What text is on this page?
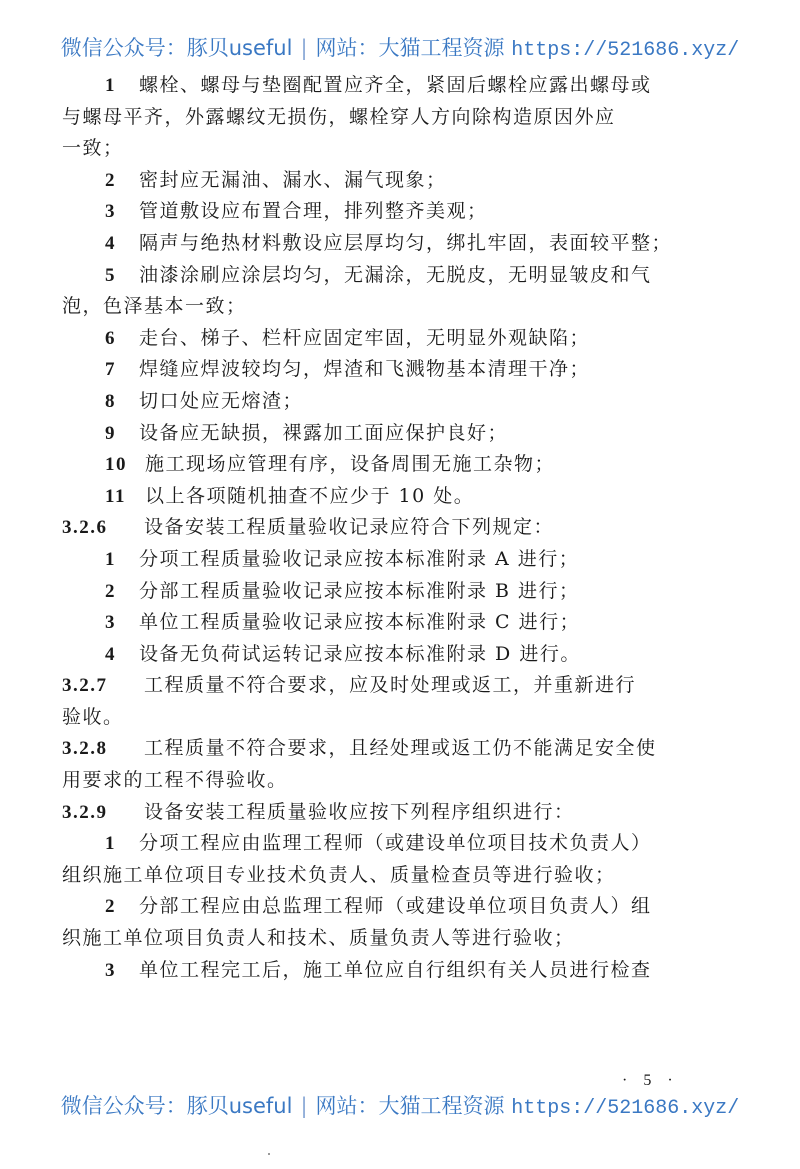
微信公众号：豚贝useful | 网站：大猫工程资源 https://521686.xyz/
1 螺栓、螺母与垫圈配置应齐全，紧固后螺栓应露出螺母或
与螺母平齐，外露螺纹无损伤，螺栓穿人方向除构造原因外应
一致；
2 密封应无漏油、漏水、漏气现象；
3 管道敷设应布置合理，排列整齐美观；
4 隔声与绝热材料敷设应层厚均匀，绑扎牢固，表面较平整；
5 油漆涂刷应涂层均匀，无漏涂，无脱皮，无明显皱皮和气
泡，色泽基本一致；
6 走台、梯子、栏杆应固定牢固，无明显外观缺陷；
7 焊缝应焊波较均匀，焊渣和飞溅物基本清理干净；
8 切口处应无熔渣；
9 设备应无缺损，裸露加工面应保护良好；
10 施工现场应管理有序，设备周围无施工杂物；
11 以上各项随机抽查不应少于 10 处。
3.2.6 设备安装工程质量验收记录应符合下列规定：
1 分项工程质量验收记录应按本标准附录 A 进行；
2 分部工程质量验收记录应按本标准附录 B 进行；
3 单位工程质量验收记录应按本标准附录 C 进行；
4 设备无负荷试运转记录应按本标准附录 D 进行。
3.2.7 工程质量不符合要求，应及时处理或返工，并重新进行
验收。
3.2.8 工程质量不符合要求，且经处理或返工仍不能满足安全使
用要求的工程不得验收。
3.2.9 设备安装工程质量验收应按下列程序组织进行：
1 分项工程应由监理工程师（或建设单位项目技术负责人）
组织施工单位项目专业技术负责人、质量检查员等进行验收；
2 分部工程应由总监理工程师（或建设单位项目负责人）组
织施工单位项目负责人和技术、质量负责人等进行验收；
3 单位工程完工后，施工单位应自行组织有关人员进行检查
· 5 ·
微信公众号：豚贝useful | 网站：大猫工程资源 https://521686.xyz/
